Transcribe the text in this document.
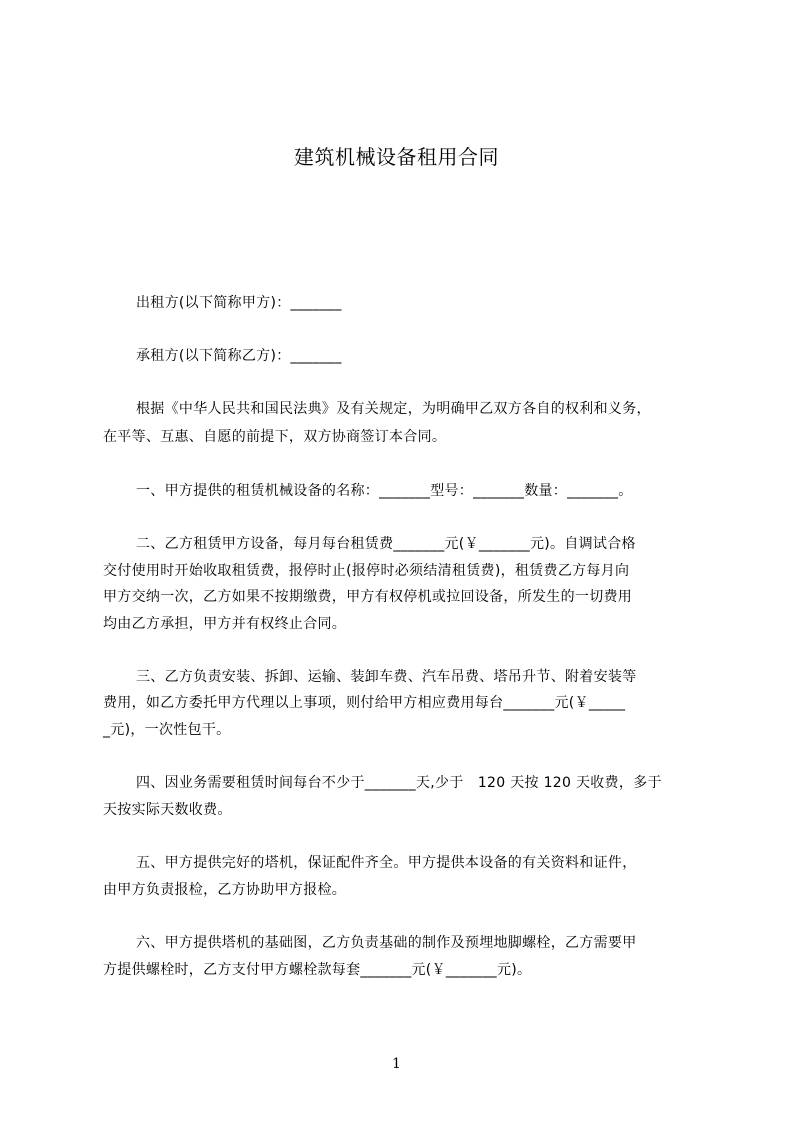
建筑机械设备租用合同
出租方(以下简称甲方)：_______
承租方(以下简称乙方)：_______
根据《中华人民共和国民法典》及有关规定，为明确甲乙双方各自的权利和义务，
在平等、互惠、自愿的前提下，双方协商签订本合同。
一、甲方提供的租赁机械设备的名称：_______型号：_______数量：_______。
二、乙方租赁甲方设备，每月每台租赁费_______元(￥_______元)。自调试合格
交付使用时开始收取租赁费，报停时止(报停时必须结清租赁费)，租赁费乙方每月向
甲方交纳一次，乙方如果不按期缴费，甲方有权停机或拉回设备，所发生的一切费用
均由乙方承担，甲方并有权终止合同。
三、乙方负责安装、拆卸、运输、装卸车费、汽车吊费、塔吊升节、附着安装等
费用，如乙方委托甲方代理以上事项，则付给甲方相应费用每台_______元(￥_____
_元)，一次性包干。
四、因业务需要租赁时间每台不少于_______天,少于　120 天按 120 天收费，多于
天按实际天数收费。
五、甲方提供完好的塔机，保证配件齐全。甲方提供本设备的有关资料和证件，
由甲方负责报检，乙方协助甲方报检。
六、甲方提供塔机的基础图，乙方负责基础的制作及预埋地脚螺栓，乙方需要甲
方提供螺栓时，乙方支付甲方螺栓款每套_______元(￥_______元)。
1
